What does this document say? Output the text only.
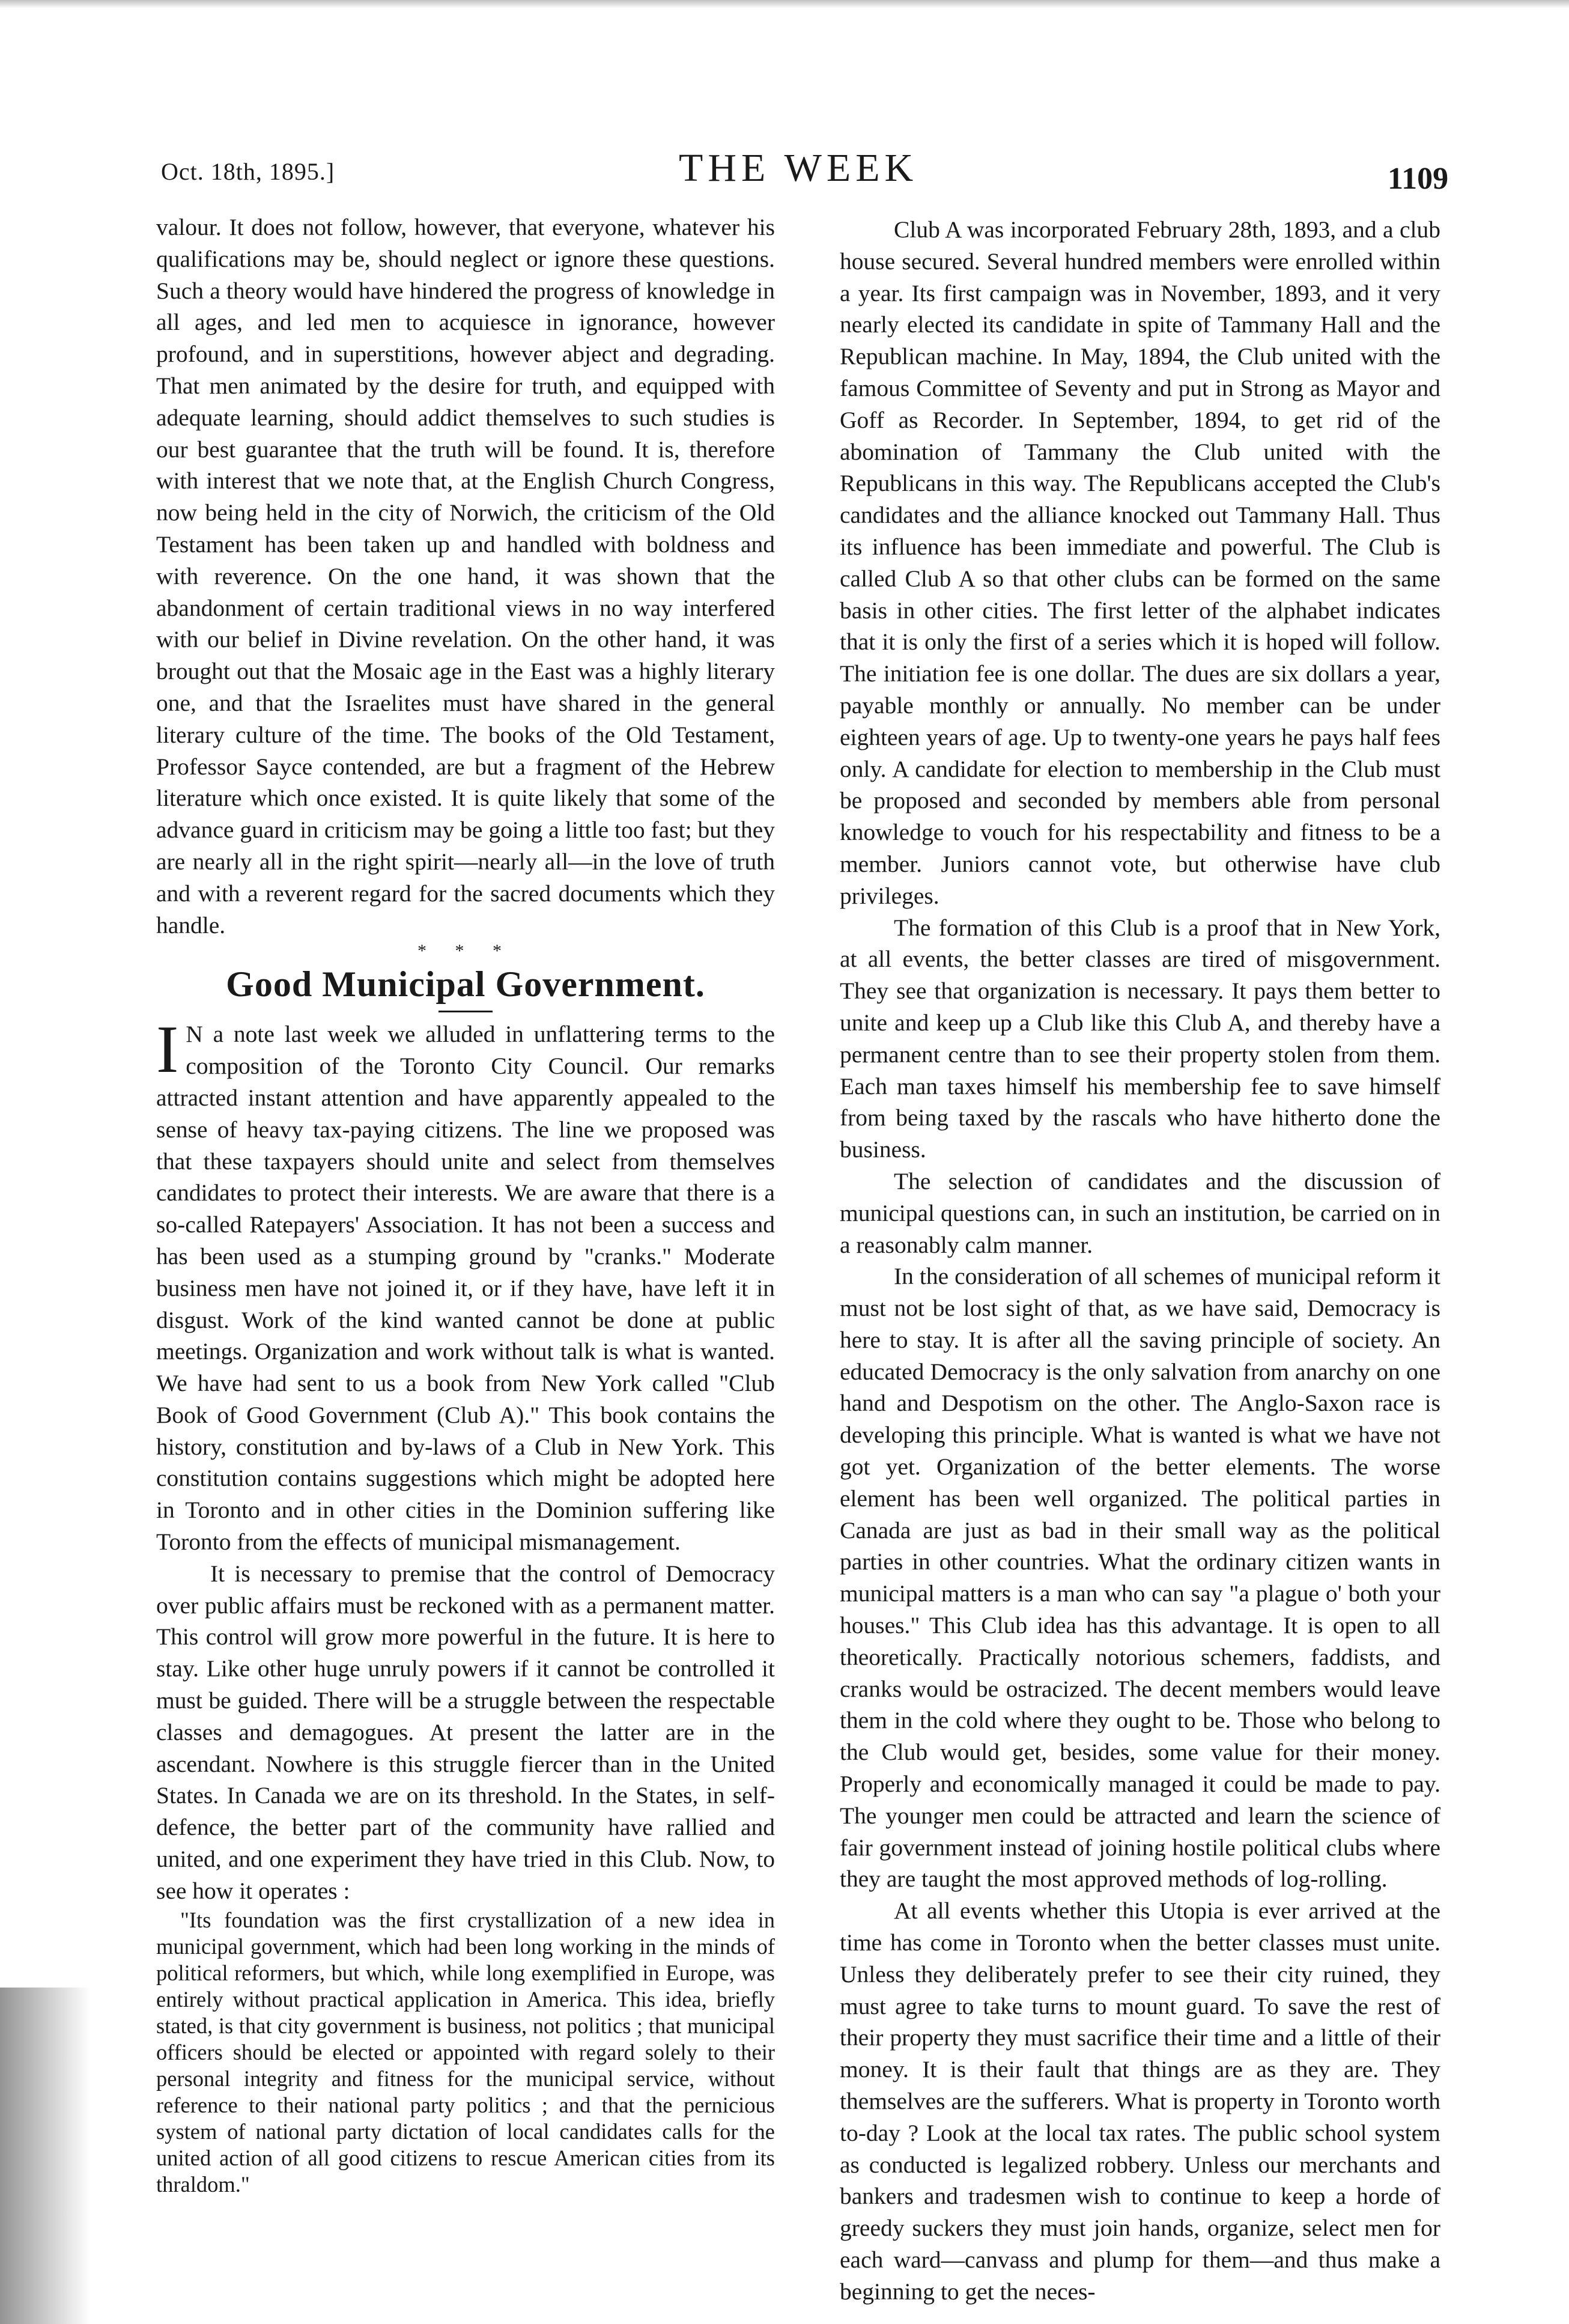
Oct. 18th, 1895.]	THE WEEK	1109

valour. It does not follow, however, that everyone, whatever his qualifications may be, should neglect or ignore these questions. Such a theory would have hindered the progress of knowledge in all ages, and led men to acquiesce in ignorance, however profound, and in superstitions, however abject and degrading. That men animated by the desire for truth, and equipped with adequate learning, should addict themselves to such studies is our best guarantee that the truth will be found. It is, therefore with interest that we note that, at the English Church Congress, now being held in the city of Norwich, the criticism of the Old Testament has been taken up and handled with boldness and with reverence. On the one hand, it was shown that the abandonment of certain traditional views in no way interfered with our belief in Divine revelation. On the other hand, it was brought out that the Mosaic age in the East was a highly literary one, and that the Israelites must have shared in the general literary culture of the time. The books of the Old Testament, Professor Sayce contended, are but a fragment of the Hebrew literature which once existed. It is quite likely that some of the advance guard in criticism may be going a little too fast; but they are nearly all in the right spirit—nearly all—in the love of truth and with a reverent regard for the sacred documents which they handle.

* * *
Good Municipal Government.

I N a note last week we alluded in unflattering terms to the composition of the Toronto City Council. Our remarks attracted instant attention and have apparently appealed to the sense of heavy tax-paying citizens. The line we proposed was that these taxpayers should unite and select from themselves candidates to protect their interests. We are aware that there is a so-called Ratepayers' Association. It has not been a success and has been used as a stumping ground by "cranks." Moderate business men have not joined it, or if they have, have left it in disgust. Work of the kind wanted cannot be done at public meetings. Organization and work without talk is what is wanted. We have had sent to us a book from New York called "Club Book of Good Government (Club A)." This book contains the history, constitution and by-laws of a Club in New York. This constitution contains suggestions which might be adopted here in Toronto and in other cities in the Dominion suffering like Toronto from the effects of municipal mismanagement.

It is necessary to premise that the control of Democracy over public affairs must be reckoned with as a permanent matter. This control will grow more powerful in the future. It is here to stay. Like other huge unruly powers if it cannot be controlled it must be guided. There will be a struggle between the respectable classes and demagogues. At present the latter are in the ascendant. Nowhere is this struggle fiercer than in the United States. In Canada we are on its threshold. In the States, in self-defence, the better part of the community have rallied and united, and one experiment they have tried in this Club. Now, to see how it operates :

"Its foundation was the first crystallization of a new idea in municipal government, which had been long working in the minds of political reformers, but which, while long exemplified in Europe, was entirely without practical application in America. This idea, briefly stated, is that city government is business, not politics ; that municipal officers should be elected or appointed with regard solely to their personal integrity and fitness for the municipal service, without reference to their national party politics ; and that the pernicious system of national party dictation of local candidates calls for the united action of all good citizens to rescue American cities from its thraldom."

Club A was incorporated February 28th, 1893, and a club house secured. Several hundred members were enrolled within a year. Its first campaign was in November, 1893, and it very nearly elected its candidate in spite of Tammany Hall and the Republican machine. In May, 1894, the Club united with the famous Committee of Seventy and put in Strong as Mayor and Goff as Recorder. In September, 1894, to get rid of the abomination of Tammany the Club united with the Republicans in this way. The Republicans accepted the Club's candidates and the alliance knocked out Tammany Hall. Thus its influence has been immediate and powerful. The Club is called Club A so that other clubs can be formed on the same basis in other cities. The first letter of the alphabet indicates that it is only the first of a series which it is hoped will follow. The initiation fee is one dollar. The dues are six dollars a year, payable monthly or annually. No member can be under eighteen years of age. Up to twenty-one years he pays half fees only. A candidate for election to membership in the Club must be proposed and seconded by members able from personal knowledge to vouch for his respectability and fitness to be a member. Juniors cannot vote, but otherwise have club privileges.

The formation of this Club is a proof that in New York, at all events, the better classes are tired of misgovernment. They see that organization is necessary. It pays them better to unite and keep up a Club like this Club A, and thereby have a permanent centre than to see their property stolen from them. Each man taxes himself his membership fee to save himself from being taxed by the rascals who have hitherto done the business.

The selection of candidates and the discussion of municipal questions can, in such an institution, be carried on in a reasonably calm manner.

In the consideration of all schemes of municipal reform it must not be lost sight of that, as we have said, Democracy is here to stay. It is after all the saving principle of society. An educated Democracy is the only salvation from anarchy on one hand and Despotism on the other. The Anglo-Saxon race is developing this principle. What is wanted is what we have not got yet. Organization of the better elements. The worse element has been well organized. The political parties in Canada are just as bad in their small way as the political parties in other countries. What the ordinary citizen wants in municipal matters is a man who can say "a plague o' both your houses." This Club idea has this advantage. It is open to all theoretically. Practically notorious schemers, faddists, and cranks would be ostracized. The decent members would leave them in the cold where they ought to be. Those who belong to the Club would get, besides, some value for their money. Properly and economically managed it could be made to pay. The younger men could be attracted and learn the science of fair government instead of joining hostile political clubs where they are taught the most approved methods of log-rolling.

At all events whether this Utopia is ever arrived at the time has come in Toronto when the better classes must unite. Unless they deliberately prefer to see their city ruined, they must agree to take turns to mount guard. To save the rest of their property they must sacrifice their time and a little of their money. It is their fault that things are as they are. They themselves are the sufferers. What is property in Toronto worth to-day ? Look at the local tax rates. The public school system as conducted is legalized robbery. Unless our merchants and bankers and tradesmen wish to continue to keep a horde of greedy suckers they must join hands, organize, select men for each ward—canvass and plump for them—and thus make a beginning to get the neces-
